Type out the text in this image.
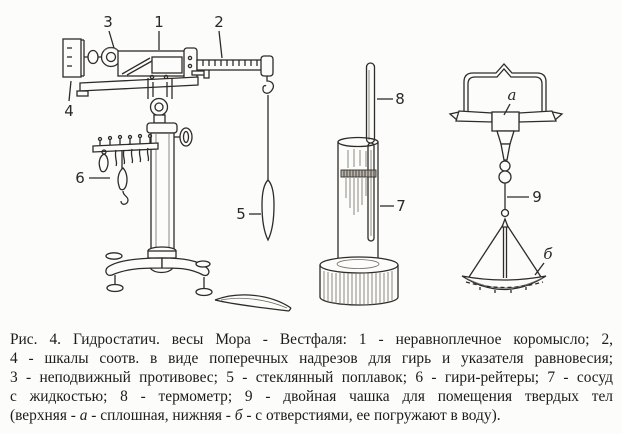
3	1	2
4
6
5
8
7
a
9
б
Рис. 4. Гидростатич. весы Мора - Вестфаля: 1 - неравноплечное коромысло; 2,
4 - шкалы соотв. в виде поперечных надрезов для гирь и указателя равновесия;
3 - неподвижный противовес; 5 - стеклянный поплавок; 6 - гири-рейтеры; 7 - сосуд
с жидкостью; 8 - термометр; 9 - двойная чашка для помещения твердых тел
(верхняя - а - сплошная, нижняя - б - с отверстиями, ее погружают в воду).
